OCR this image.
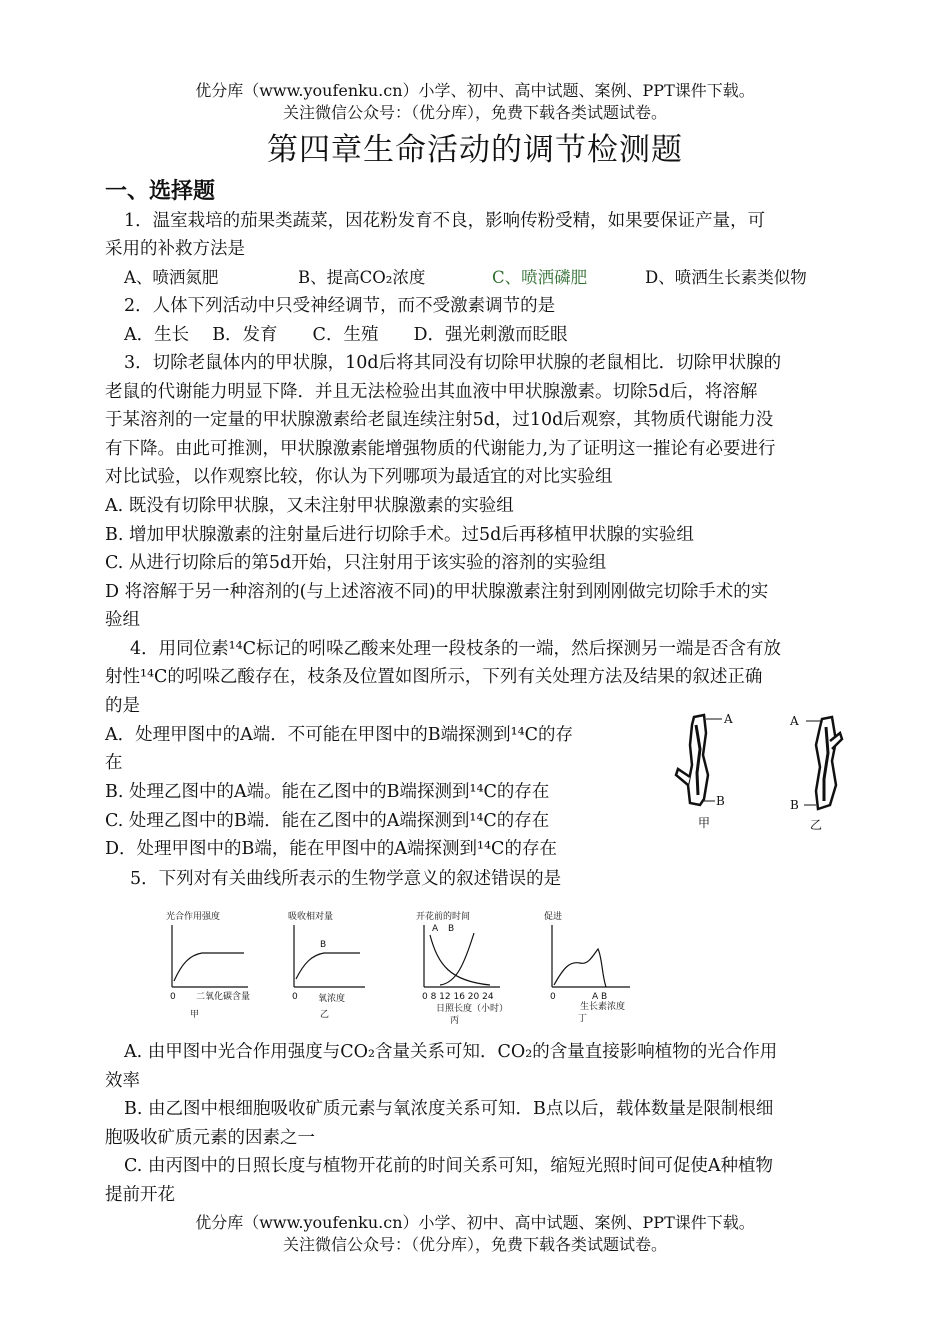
优分库（www.youfenku.cn）小学、初中、高中试题、案例、PPT课件下载。
关注微信公众号：（优分库），免费下载各类试题试卷。
第四章生命活动的调节检测题
一、选择题
1．温室栽培的茄果类蔬菜，因花粉发育不良，影响传粉受精，如果要保证产量，可
采用的补救方法是
A、喷洒氮肥	B、提高CO₂浓度	C、喷洒磷肥	D、喷洒生长素类似物
2．人体下列活动中只受神经调节，而不受激素调节的是
A．生长　 B．发育　　C．生殖　　D．强光刺激而眨眼
3．切除老鼠体内的甲状腺，10d后将其同没有切除甲状腺的老鼠相比．切除甲状腺的
老鼠的代谢能力明显下降．并且无法检验出其血液中甲状腺激素。切除5d后，将溶解
于某溶剂的一定量的甲状腺激素给老鼠连续注射5d，过10d后观察，其物质代谢能力没
有下降。由此可推测，甲状腺激素能增强物质的代谢能力,为了证明这一摧论有必要进行
对比试验，以作观察比较，你认为下列哪项为最适宜的对比实验组
A. 既没有切除甲状腺，又未注射甲状腺激素的实验组
B. 增加甲状腺激素的注射量后进行切除手术。过5d后再移植甲状腺的实验组
C. 从进行切除后的第5d开始，只注射用于该实验的溶剂的实验组
D 将溶解于另一种溶剂的(与上述溶液不同)的甲状腺激素注射到刚刚做完切除手术的实
验组
4．用同位素¹⁴C标记的吲哚乙酸来处理一段枝条的一端，然后探测另一端是否含有放
射性¹⁴C的吲哚乙酸存在，枝条及位置如图所示，下列有关处理方法及结果的叙述正确
的是
A．处理甲图中的A端．不可能在甲图中的B端探测到¹⁴C的存
在
B. 处理乙图中的A端。能在乙图中的B端探测到¹⁴C的存在
C. 处理乙图中的B端．能在乙图中的A端探测到¹⁴C的存在
D．处理甲图中的B端，能在甲图中的A端探测到¹⁴C的存在
A
B
甲
A
B
乙
5．下列对有关曲线所表示的生物学意义的叙述错误的是
光合作用强度
0 二氧化碳含量
甲
吸收相对量
B
0 氧浓度
乙
开花前的时间
A B
0 8 12 16 20 24
日照长度（小时）
丙
促进
0	A B
生长素浓度
丁
A. 由甲图中光合作用强度与CO₂含量关系可知．CO₂的含量直接影响植物的光合作用
效率
B. 由乙图中根细胞吸收矿质元素与氧浓度关系可知．B点以后，载体数量是限制根细
胞吸收矿质元素的因素之一
C. 由丙图中的日照长度与植物开花前的时间关系可知，缩短光照时间可促使A种植物
提前开花
优分库（www.youfenku.cn）小学、初中、高中试题、案例、PPT课件下载。
关注微信公众号：（优分库），免费下载各类试题试卷。
